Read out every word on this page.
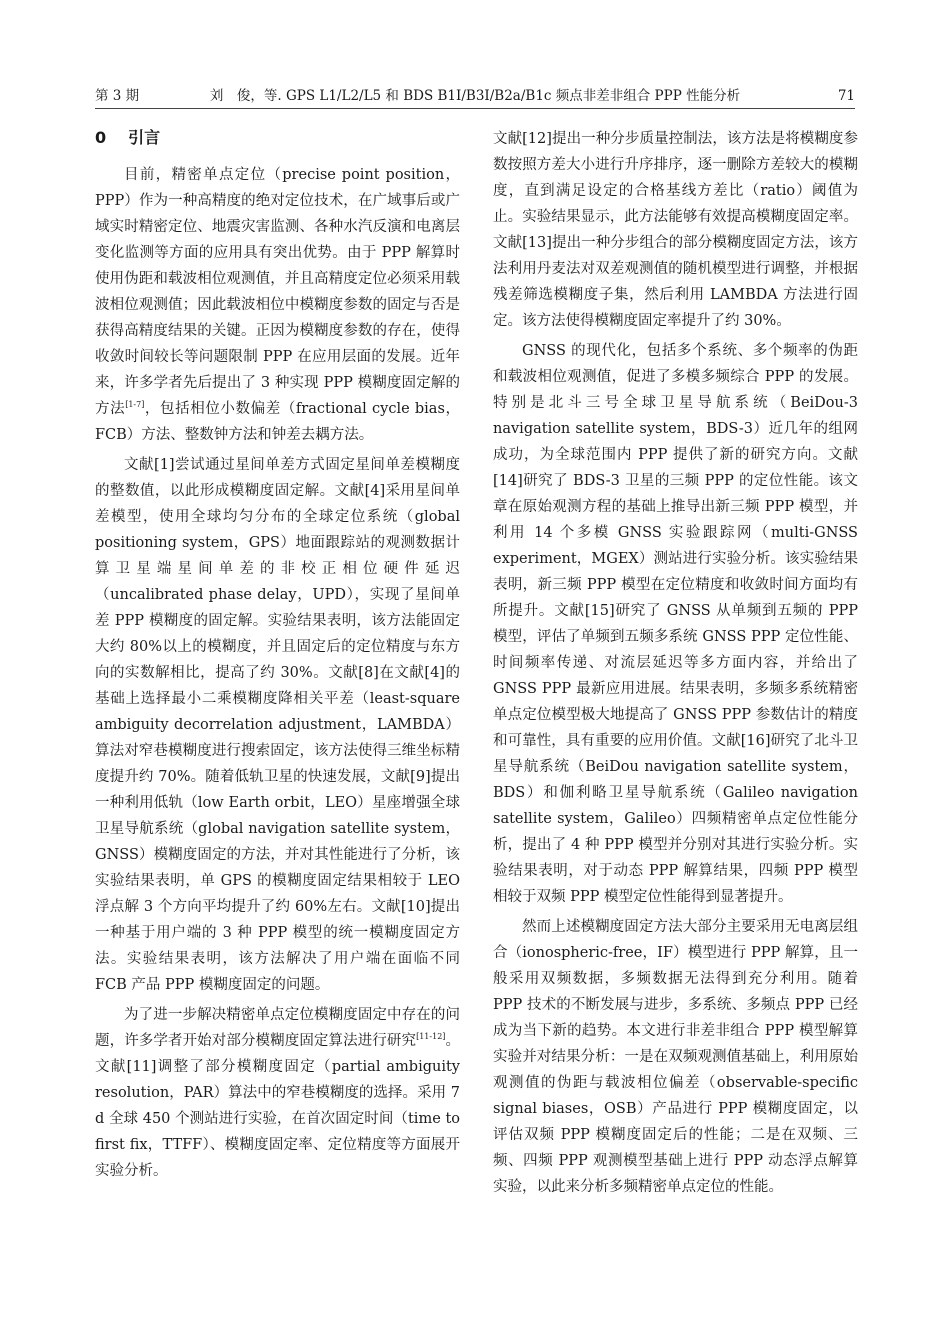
第 3 期	刘　俊，等. GPS L1/L2/L5 和 BDS B1I/B3I/B2a/B1c 频点非差非组合 PPP 性能分析	71
0 引言

目前，精密单点定位（precise point position，PPP）作为一种高精度的绝对定位技术，在广域事后或广域实时精密定位、地震灾害监测、各种水汽反演和电离层变化监测等方面的应用具有突出优势。由于 PPP 解算时使用伪距和载波相位观测值，并且高精度定位必须采用载波相位观测值；因此载波相位中模糊度参数的固定与否是获得高精度结果的关键。正因为模糊度参数的存在，使得收敛时间较长等问题限制 PPP 在应用层面的发展。近年来，许多学者先后提出了 3 种实现 PPP 模糊度固定解的方法[1-7]，包括相位小数偏差（fractional cycle bias，FCB）方法、整数钟方法和钟差去耦方法。

文献[1]尝试通过星间单差方式固定星间单差模糊度的整数值，以此形成模糊度固定解。文献[4]采用星间单差模型，使用全球均匀分布的全球定位系统（global positioning system，GPS）地面跟踪站的观测数据计算卫星端星间单差的非校正相位硬件延迟（uncalibrated phase delay，UPD），实现了星间单差 PPP 模糊度的固定解。实验结果表明，该方法能固定大约 80%以上的模糊度，并且固定后的定位精度与东方向的实数解相比，提高了约 30%。文献[8]在文献[4]的基础上选择最小二乘模糊度降相关平差（least-square ambiguity decorrelation adjustment，LAMBDA）算法对窄巷模糊度进行搜索固定，该方法使得三维坐标精度提升约 70%。随着低轨卫星的快速发展，文献[9]提出一种利用低轨（low Earth orbit，LEO）星座增强全球卫星导航系统（global navigation satellite system，GNSS）模糊度固定的方法，并对其性能进行了分析，该实验结果表明，单 GPS 的模糊度固定结果相较于 LEO 浮点解 3 个方向平均提升了约 60%左右。文献[10]提出一种基于用户端的 3 种 PPP 模型的统一模糊度固定方法。实验结果表明，该方法解决了用户端在面临不同 FCB 产品 PPP 模糊度固定的问题。

为了进一步解决精密单点定位模糊度固定中存在的问题，许多学者开始对部分模糊度固定算法进行研究[11-12]。文献[11]调整了部分模糊度固定（partial ambiguity resolution，PAR）算法中的窄巷模糊度的选择。采用 7 d 全球 450 个测站进行实验，在首次固定时间（time to first fix，TTFF）、模糊度固定率、定位精度等方面展开实验分析。

文献[12]提出一种分步质量控制法，该方法是将模糊度参数按照方差大小进行升序排序，逐一删除方差较大的模糊度，直到满足设定的合格基线方差比（ratio）阈值为止。实验结果显示，此方法能够有效提高模糊度固定率。文献[13]提出一种分步组合的部分模糊度固定方法，该方法利用丹麦法对双差观测值的随机模型进行调整，并根据残差筛选模糊度子集，然后利用 LAMBDA 方法进行固定。该方法使得模糊度固定率提升了约 30%。

GNSS 的现代化，包括多个系统、多个频率的伪距和载波相位观测值，促进了多模多频综合 PPP 的发展。特别是北斗三号全球卫星导航系统（BeiDou-3 navigation satellite system，BDS-3）近几年的组网成功，为全球范围内 PPP 提供了新的研究方向。文献[14]研究了 BDS-3 卫星的三频 PPP 的定位性能。该文章在原始观测方程的基础上推导出新三频 PPP 模型，并利用 14 个多模 GNSS 实验跟踪网（multi-GNSS experiment，MGEX）测站进行实验分析。该实验结果表明，新三频 PPP 模型在定位精度和收敛时间方面均有所提升。文献[15]研究了 GNSS 从单频到五频的 PPP 模型，评估了单频到五频多系统 GNSS PPP 定位性能、时间频率传递、对流层延迟等多方面内容，并给出了 GNSS PPP 最新应用进展。结果表明，多频多系统精密单点定位模型极大地提高了 GNSS PPP 参数估计的精度和可靠性，具有重要的应用价值。文献[16]研究了北斗卫星导航系统（BeiDou navigation satellite system，BDS）和伽利略卫星导航系统（Galileo navigation satellite system，Galileo）四频精密单点定位性能分析，提出了 4 种 PPP 模型并分别对其进行实验分析。实验结果表明，对于动态 PPP 解算结果，四频 PPP 模型相较于双频 PPP 模型定位性能得到显著提升。

然而上述模糊度固定方法大部分主要采用无电离层组合（ionospheric-free，IF）模型进行 PPP 解算，且一般采用双频数据，多频数据无法得到充分利用。随着 PPP 技术的不断发展与进步，多系统、多频点 PPP 已经成为当下新的趋势。本文进行非差非组合 PPP 模型解算实验并对结果分析：一是在双频观测值基础上，利用原始观测值的伪距与载波相位偏差（observable-specific signal biases，OSB）产品进行 PPP 模糊度固定，以评估双频 PPP 模糊度固定后的性能；二是在双频、三频、四频 PPP 观测模型基础上进行 PPP 动态浮点解算实验，以此来分析多频精密单点定位的性能。
